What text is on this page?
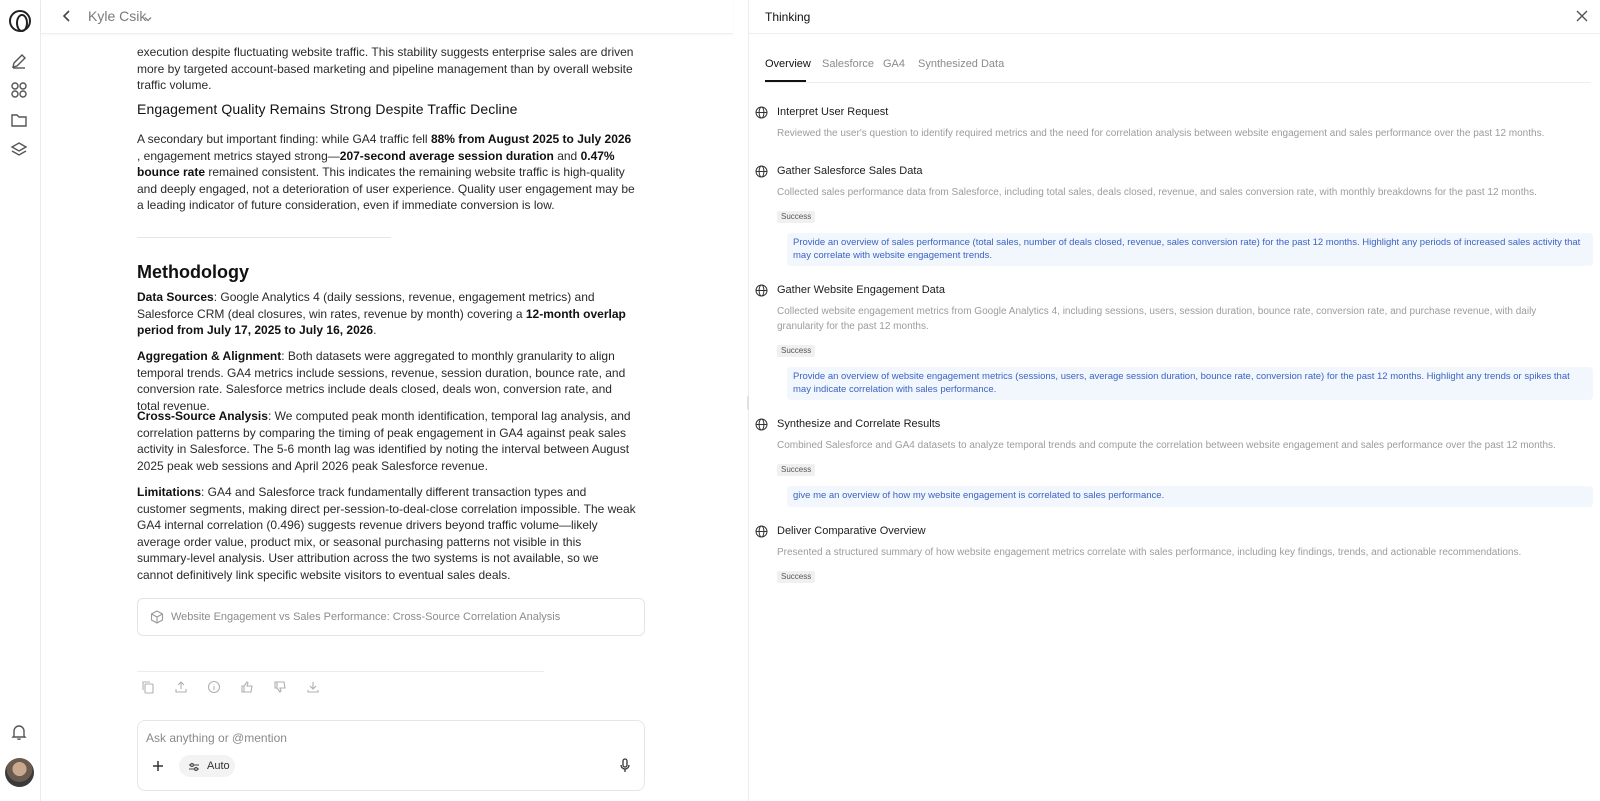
Kyle Csik

execution despite fluctuating website traffic. This stability suggests enterprise sales are driven more by targeted account-based marketing and pipeline management than by overall website traffic volume.

Engagement Quality Remains Strong Despite Traffic Decline

A secondary but important finding: while GA4 traffic fell 88% from August 2025 to July 2026 , engagement metrics stayed strong—207-second average session duration and 0.47% bounce rate remained consistent. This indicates the remaining website traffic is high-quality and deeply engaged, not a deterioration of user experience. Quality user engagement may be a leading indicator of future consideration, even if immediate conversion is low.

Methodology

Data Sources: Google Analytics 4 (daily sessions, revenue, engagement metrics) and Salesforce CRM (deal closures, win rates, revenue by month) covering a 12-month overlap period from July 17, 2025 to July 16, 2026.

Aggregation & Alignment: Both datasets were aggregated to monthly granularity to align temporal trends. GA4 metrics include sessions, revenue, session duration, bounce rate, and conversion rate. Salesforce metrics include deals closed, deals won, conversion rate, and total revenue.

Cross-Source Analysis: We computed peak month identification, temporal lag analysis, and correlation patterns by comparing the timing of peak engagement in GA4 against peak sales activity in Salesforce. The 5-6 month lag was identified by noting the interval between August 2025 peak web sessions and April 2026 peak Salesforce revenue.

Limitations: GA4 and Salesforce track fundamentally different transaction types and customer segments, making direct per-session-to-deal-close correlation impossible. The weak GA4 internal correlation (0.496) suggests revenue drivers beyond traffic volume—likely average order value, product mix, or seasonal purchasing patterns not visible in this summary-level analysis. User attribution across the two systems is not available, so we cannot definitively link specific website visitors to eventual sales deals.

Website Engagement vs Sales Performance: Cross-Source Correlation Analysis
Ask anything or @mention
Auto
Thinking
Overview Salesforce GA4 Synthesized Data
Interpret User Request
Reviewed the user's question to identify required metrics and the need for correlation analysis between website engagement and sales performance over the past 12 months.
Gather Salesforce Sales Data
Collected sales performance data from Salesforce, including total sales, deals closed, revenue, and sales conversion rate, with monthly breakdowns for the past 12 months.
Success
Provide an overview of sales performance (total sales, number of deals closed, revenue, sales conversion rate) for the past 12 months. Highlight any periods of increased sales activity that may correlate with website engagement trends.
Gather Website Engagement Data
Collected website engagement metrics from Google Analytics 4, including sessions, users, session duration, bounce rate, conversion rate, and purchase revenue, with daily granularity for the past 12 months.
Success
Provide an overview of website engagement metrics (sessions, users, average session duration, bounce rate, conversion rate) for the past 12 months. Highlight any trends or spikes that may indicate correlation with sales performance.
Synthesize and Correlate Results
Combined Salesforce and GA4 datasets to analyze temporal trends and compute the correlation between website engagement and sales performance over the past 12 months.
Success
give me an overview of how my website engagement is correlated to sales performance.
Deliver Comparative Overview
Presented a structured summary of how website engagement metrics correlate with sales performance, including key findings, trends, and actionable recommendations.
Success
